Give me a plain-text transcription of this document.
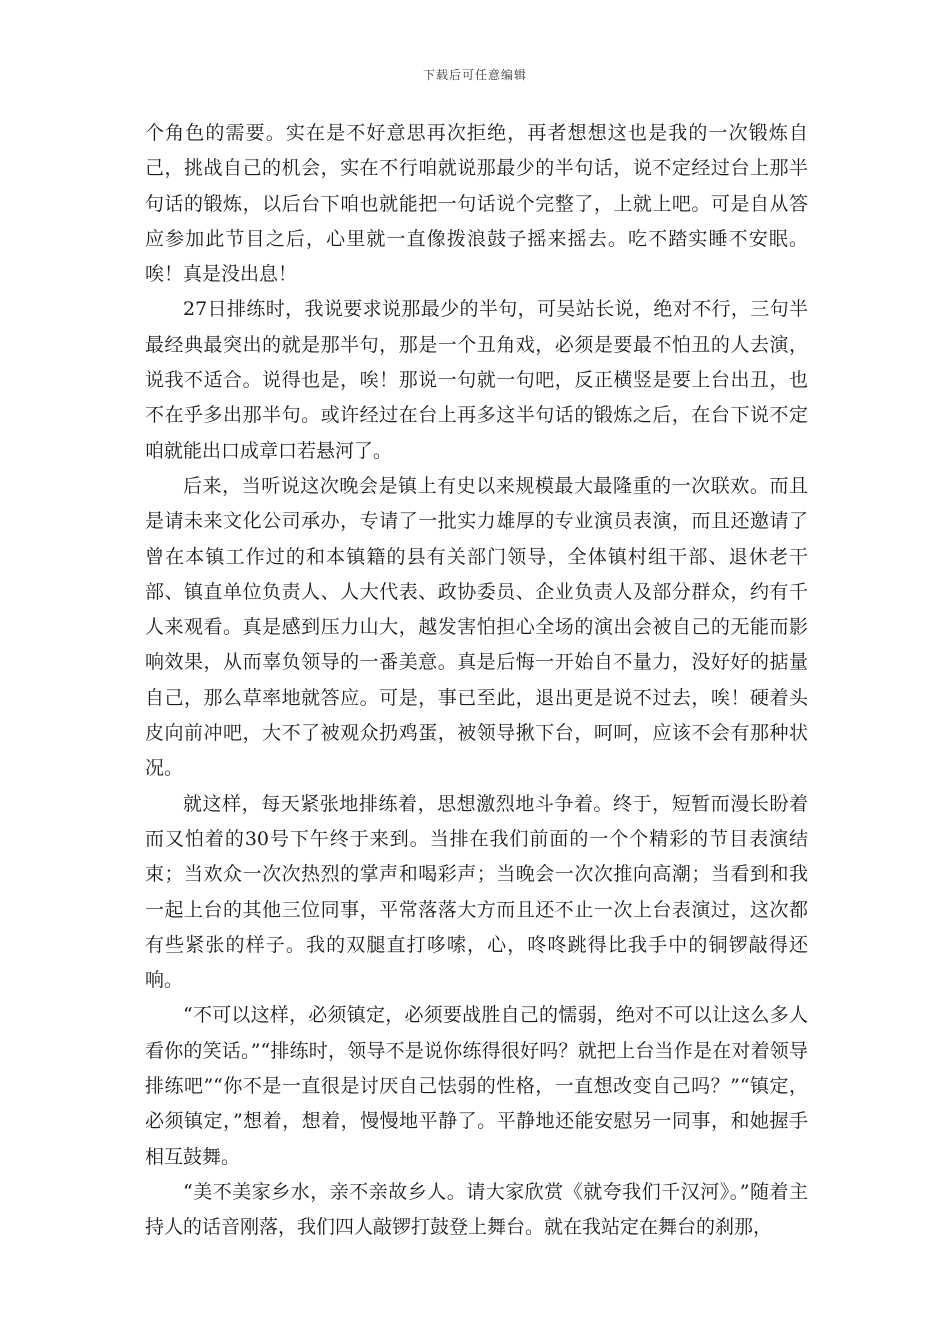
下载后可任意编辑

个角色的需要。实在是不好意思再次拒绝，再者想想这也是我的一次锻炼自己，挑战自己的机会，实在不行咱就说那最少的半句话，说不定经过台上那半句话的锻炼，以后台下咱也就能把一句话说个完整了，上就上吧。可是自从答应参加此节目之后，心里就一直像拨浪鼓子摇来摇去。吃不踏实睡不安眠。唉！真是没出息！

27日排练时，我说要求说那最少的半句，可吴站长说，绝对不行，三句半最经典最突出的就是那半句，那是一个丑角戏，必须是要最不怕丑的人去演，说我不适合。说得也是，唉！那说一句就一句吧，反正横竖是要上台出丑，也不在乎多出那半句。或许经过在台上再多这半句话的锻炼之后，在台下说不定咱就能出口成章口若悬河了。

后来，当听说这次晚会是镇上有史以来规模最大最隆重的一次联欢。而且是请未来文化公司承办，专请了一批实力雄厚的专业演员表演，而且还邀请了曾在本镇工作过的和本镇籍的县有关部门领导，全体镇村组干部、退休老干部、镇直单位负责人、人大代表、政协委员、企业负责人及部分群众，约有千人来观看。真是感到压力山大，越发害怕担心全场的演出会被自己的无能而影响效果，从而辜负领导的一番美意。真是后悔一开始自不量力，没好好的掂量自己，那么草率地就答应。可是，事已至此，退出更是说不过去，唉！硬着头皮向前冲吧，大不了被观众扔鸡蛋，被领导揪下台，呵呵，应该不会有那种状况。

就这样，每天紧张地排练着，思想激烈地斗争着。终于，短暂而漫长盼着而又怕着的30号下午终于来到。当排在我们前面的一个个精彩的节目表演结束；当欢众一次次热烈的掌声和喝彩声；当晚会一次次推向高潮；当看到和我一起上台的其他三位同事，平常落落大方而且还不止一次上台表演过，这次都有些紧张的样子。我的双腿直打哆嗦，心，咚咚跳得比我手中的铜锣敲得还响。

“不可以这样，必须镇定，必须要战胜自己的懦弱，绝对不可以让这么多人看你的笑话。”“排练时，领导不是说你练得很好吗？就把上台当作是在对着领导排练吧”“你不是一直很是讨厌自己怯弱的性格，一直想改变自己吗？”“镇定，必须镇定，”想着，想着，慢慢地平静了。平静地还能安慰另一同事，和她握手相互鼓舞。

“美不美家乡水，亲不亲故乡人。请大家欣赏《就夸我们千汉河》。”随着主持人的话音刚落，我们四人敲锣打鼓登上舞台。就在我站定在舞台的刹那，
